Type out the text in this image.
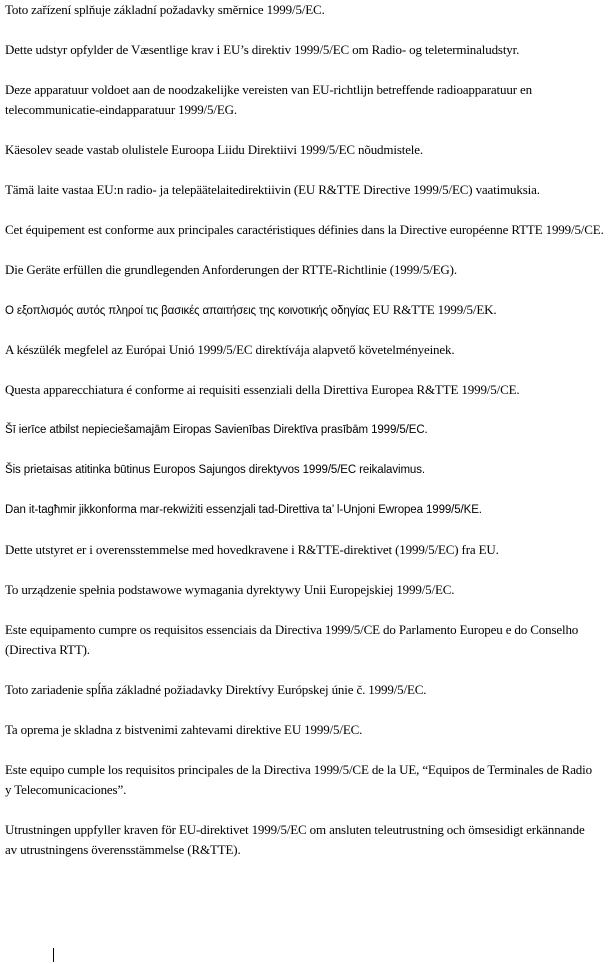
Toto zařízení splňuje základní požadavky směrnice 1999/5/EC.
Dette udstyr opfylder de Væsentlige krav i EU’s direktiv 1999/5/EC om Radio- og teleterminaludstyr.
Deze apparatuur voldoet aan de noodzakelijke vereisten van EU-richtlijn betreffende radioapparatuur en
telecommunicatie-eindapparatuur 1999/5/EG.
Käesolev seade vastab olulistele Euroopa Liidu Direktiivi 1999/5/EC nõudmistele.
Tämä laite vastaa EU:n radio- ja telepäätelaitedirektiivin (EU R&TTE Directive 1999/5/EC) vaatimuksia.
Cet équipement est conforme aux principales caractéristiques définies dans la Directive européenne RTTE 1999/5/CE.
Die Geräte erfüllen die grundlegenden Anforderungen der RTTE-Richtlinie (1999/5/EG).
Ο εξοπλισμός αυτός πληροί τις βασικές απαιτήσεις της κοινοτικής οδηγίας EU R&TTE 1999/5/EK.
A készülék megfelel az Európai Unió 1999/5/EC direktívája alapvető követelményeinek.
Questa apparecchiatura é conforme ai requisiti essenziali della Direttiva Europea R&TTE 1999/5/CE.
Šī ierīce atbilst nepieciešamajām Eiropas Savienības Direktīva prasībām 1999/5/EC.
Šis prietaisas atitinka būtinus Europos Sajungos direktyvos 1999/5/EC reikalavimus.
Dan it-tagħmir jikkonforma mar-rekwiżiti essenzjali tad-Direttiva ta’ l-Unjoni Ewropea 1999/5/KE.
Dette utstyret er i overensstemmelse med hovedkravene i R&TTE-direktivet (1999/5/EC) fra EU.
To urządzenie spełnia podstawowe wymagania dyrektywy Unii Europejskiej 1999/5/EC.
Este equipamento cumpre os requisitos essenciais da Directiva 1999/5/CE do Parlamento Europeu e do Conselho
(Directiva RTT).
Toto zariadenie spĺňa základné požiadavky Direktívy Európskej únie č. 1999/5/EC.
Ta oprema je skladna z bistvenimi zahtevami direktive EU 1999/5/EC.
Este equipo cumple los requisitos principales de la Directiva 1999/5/CE de la UE, “Equipos de Terminales de Radio
y Telecomunicaciones”.
Utrustningen uppfyller kraven för EU-direktivet 1999/5/EC om ansluten teleutrustning och ömsesidigt erkännande
av utrustningens överensstämmelse (R&TTE).
